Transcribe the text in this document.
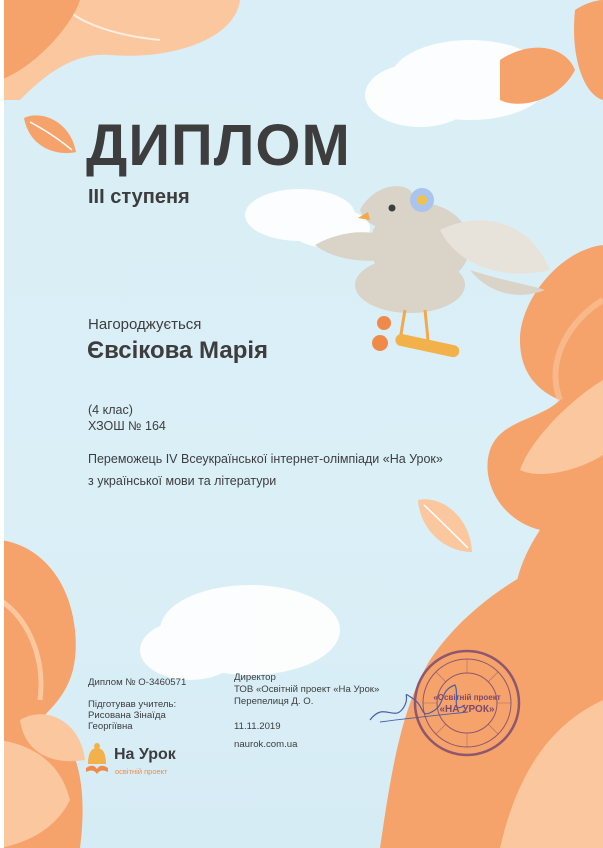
ДИПЛОМ
ІІІ ступеня
Нагороджується
Євсікова Марія
(4 клас)
ХЗОШ № 164
Переможець IV Всеукраїнської інтернет-олімпіади «На Урок»
з української мови та літератури
Диплом № О-3460571
Підготував учитель:
Рисована Зінаїда
Георгіївна
Директор
ТОВ «Освітній проект «На Урок»
Перепелиця Д. О.
11.11.2019
naurok.com.ua
На Урок
освітній проект
«Освітній проект
«НА УРОК»
